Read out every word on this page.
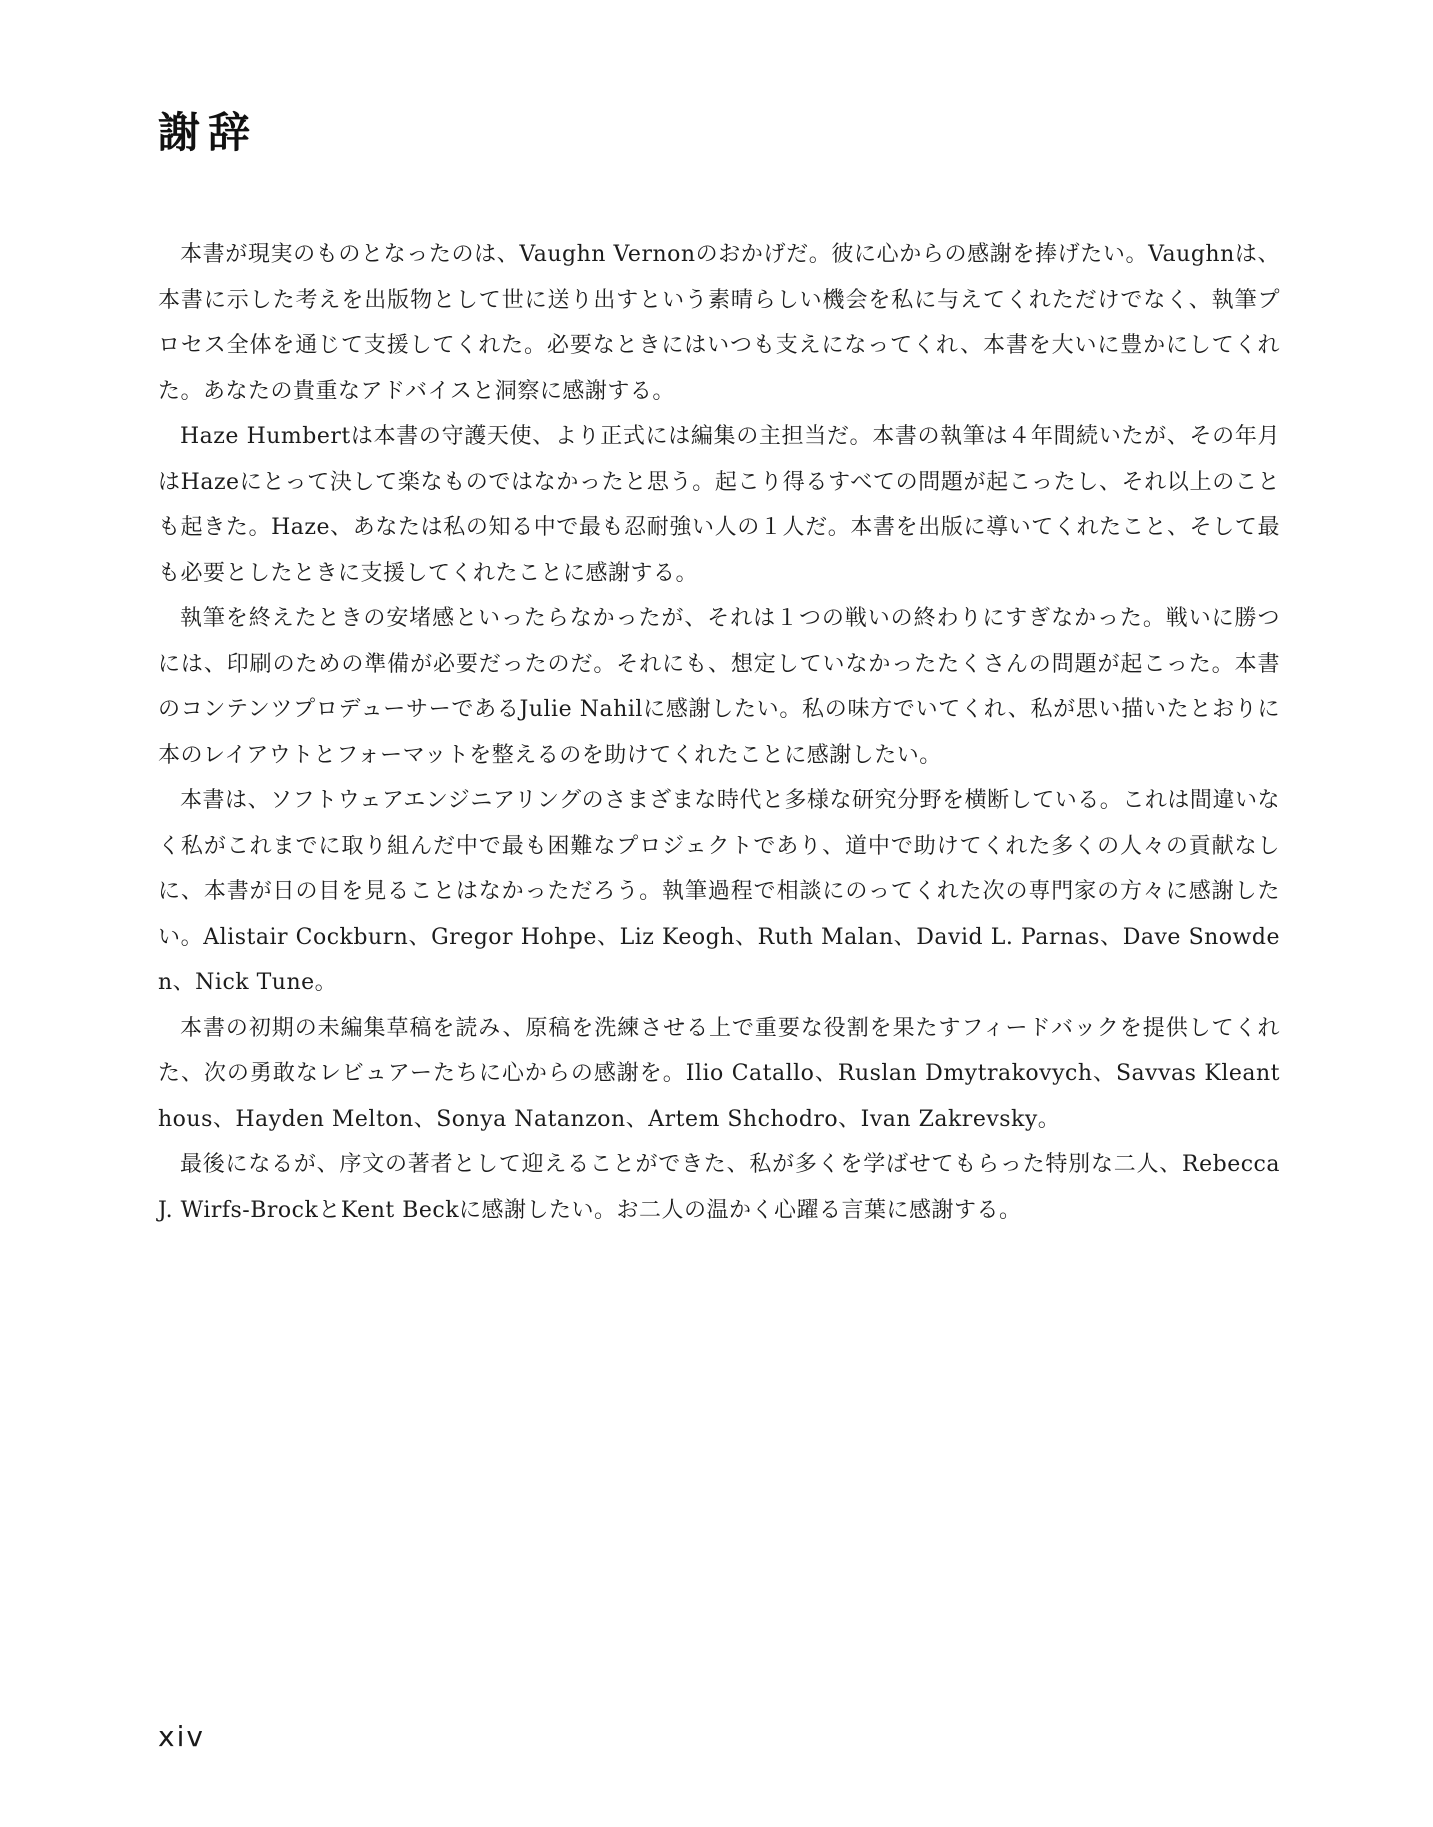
謝辞

本書が現実のものとなったのは、Vaughn Vernonのおかげだ。彼に心からの感謝を捧げたい。Vaughnは、本書に示した考えを出版物として世に送り出すという素晴らしい機会を私に与えてくれただけでなく、執筆プロセス全体を通じて支援してくれた。必要なときにはいつも支えになってくれ、本書を大いに豊かにしてくれた。あなたの貴重なアドバイスと洞察に感謝する。

Haze Humbertは本書の守護天使、より正式には編集の主担当だ。本書の執筆は４年間続いたが、その年月はHazeにとって決して楽なものではなかったと思う。起こり得るすべての問題が起こったし、それ以上のことも起きた。Haze、あなたは私の知る中で最も忍耐強い人の１人だ。本書を出版に導いてくれたこと、そして最も必要としたときに支援してくれたことに感謝する。

執筆を終えたときの安堵感といったらなかったが、それは１つの戦いの終わりにすぎなかった。戦いに勝つには、印刷のための準備が必要だったのだ。それにも、想定していなかったたくさんの問題が起こった。本書のコンテンツプロデューサーであるJulie Nahilに感謝したい。私の味方でいてくれ、私が思い描いたとおりに本のレイアウトとフォーマットを整えるのを助けてくれたことに感謝したい。

本書は、ソフトウェアエンジニアリングのさまざまな時代と多様な研究分野を横断している。これは間違いなく私がこれまでに取り組んだ中で最も困難なプロジェクトであり、道中で助けてくれた多くの人々の貢献なしに、本書が日の目を見ることはなかっただろう。執筆過程で相談にのってくれた次の専門家の方々に感謝したい。Alistair Cockburn、Gregor Hohpe、Liz Keogh、Ruth Malan、David L. Parnas、Dave Snowden、Nick Tune。

本書の初期の未編集草稿を読み、原稿を洗練させる上で重要な役割を果たすフィードバックを提供してくれた、次の勇敢なレビュアーたちに心からの感謝を。Ilio Catallo、Ruslan Dmytrakovych、Savvas Kleanthous、Hayden Melton、Sonya Natanzon、Artem Shchodro、Ivan Zakrevsky。

最後になるが、序文の著者として迎えることができた、私が多くを学ばせてもらった特別な二人、Rebecca J. Wirfs-BrockとKent Beckに感謝したい。お二人の温かく心躍る言葉に感謝する。

xiv
